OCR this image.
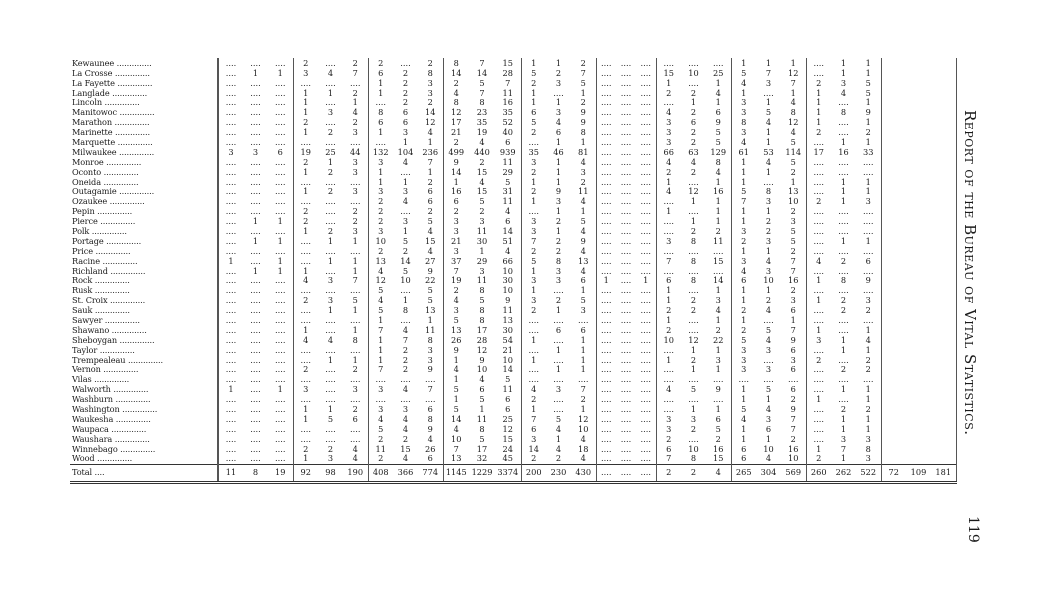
Kewaunee ..............	....	....	....	2	....	2	2	....	2	8	7	15	1	1	2	....	....	....	....	....	....	1	1	1	....	1	1			
La Crosse ..............	....	1	1	3	4	7	6	2	8	14	14	28	5	2	7	....	....	....	15	10	25	5	7	12	....	1	1			
La Fayette ..............	....	....	....	....	....	....	1	2	3	2	5	7	2	3	5	....	....	....	1	....	1	4	3	7	2	3	5			
Langlade ..............	....	....	....	1	1	2	1	2	3	4	7	11	1	....	1	....	....	....	2	2	4	1	....	1	1	4	5			
Lincoln ..............	....	....	....	1	....	1	....	2	2	8	8	16	1	1	2	....	....	....	....	1	1	3	1	4	1	....	1			
Manitowoc ..............	....	....	....	1	3	4	8	6	14	12	23	35	6	3	9	....	....	....	4	2	6	3	5	8	1	8	9			
Marathon ..............	....	....	....	2	....	2	6	6	12	17	35	52	5	4	9	....	....	....	3	6	9	8	4	12	1	....	1			
Marinette ..............	....	....	....	1	2	3	1	3	4	21	19	40	2	6	8	....	....	....	3	2	5	3	1	4	2	....	2			
Marquette ..............	....	....	....	....	....	....	....	1	1	2	4	6	....	1	1	....	....	....	3	2	5	4	1	5	....	1	1			
Milwaukee ..............	3	3	6	19	25	44	132	104	236	499	440	939	35	46	81	....	....	....	66	63	129	61	53	114	17	16	33			
Monroe ..............	....	....	....	2	1	3	3	4	7	9	2	11	3	1	4	....	....	....	4	4	8	1	4	5	....	....	....			
Oconto ..............	....	....	....	1	2	3	1	....	1	14	15	29	2	1	3	....	....	....	2	2	4	1	1	2	....	....	....			
Oneida ..............	....	....	....	....	....	....	1	1	2	1	4	5	1	1	2	....	....	....	1	....	1	1	....	1	....	1	1			
Outagamie ..............	....	....	....	1	2	3	3	3	6	16	15	31	2	9	11	....	....	....	4	12	16	5	8	13	....	1	1			
Ozaukee ..............	....	....	....	....	....	....	2	4	6	6	5	11	1	3	4	....	....	....	....	1	1	7	3	10	2	1	3			
Pepin ..............	....	....	....	2	....	2	2	....	2	2	2	4	....	1	1	....	....	....	1	....	1	1	1	2	....	....	....			
Pierce ..............	....	1	1	2	....	2	2	3	5	3	3	6	3	2	5	....	....	....	....	1	1	1	2	3	....	....	....			
Polk ..............	....	....	....	1	2	3	3	1	4	3	11	14	3	1	4	....	....	....	....	2	2	3	2	5	....	....	....			
Portage ..............	....	1	1	....	1	1	10	5	15	21	30	51	7	2	9	....	....	....	3	8	11	2	3	5	....	1	1			
Price ..............	....	....	....	....	....	....	2	2	4	3	1	4	2	2	4	....	....	....	....	....	....	1	1	2	....	....	....			
Racine ..............	1	....	1	....	1	1	13	14	27	37	29	66	5	8	13	....	....	....	7	8	15	3	4	7	4	2	6			
Richland ..............	....	1	1	1	....	1	4	5	9	7	3	10	1	3	4	....	....	....	....	....	....	4	3	7	....	....	....			
Rock ..............	....	....	....	4	3	7	12	10	22	19	11	30	3	3	6	1	....	1	6	8	14	6	10	16	1	8	9			
Rusk ..............	....	....	....	....	....	....	5	....	5	2	8	10	1	....	1	....	....	....	1	....	1	1	1	2	....	....	....			
St. Croix ..............	....	....	....	2	3	5	4	1	5	4	5	9	3	2	5	....	....	....	1	2	3	1	2	3	1	2	3			
Sauk ..............	....	....	....	....	1	1	5	8	13	3	8	11	2	1	3	....	....	....	2	2	4	2	4	6	....	2	2			
Sawyer ..............	....	....	....	....	....	....	1	....	1	5	8	13	....	....	....	....	....	....	1	....	1	1	....	1	....	....	....			
Shawano ..............	....	....	....	1	....	1	7	4	11	13	17	30	....	6	6	....	....	....	2	....	2	2	5	7	1	....	1			
Sheboygan ..............	....	....	....	4	4	8	1	7	8	26	28	54	1	....	1	....	....	....	10	12	22	5	4	9	3	1	4			
Taylor ..............	....	....	....	....	....	....	1	2	3	9	12	21	....	1	1	....	....	....	....	1	1	3	3	6	....	1	1			
Trempealeau ..............	....	....	....	....	1	1	1	2	3	1	9	10	1	....	1	....	....	....	1	2	3	3	....	3	2	....	2			
Vernon ..............	....	....	....	2	....	2	7	2	9	4	10	14	....	1	1	....	....	....	....	1	1	3	3	6	....	2	2			
Vilas ..............	....	....	....	....	....	....	....	....	....	1	4	5	....	....	....	....	....	....	....	....	....	....	....	....	....	....	....			
Walworth ..............	1	....	1	3	....	3	3	4	7	5	6	11	4	3	7	....	....	....	4	5	9	1	5	6	....	1	1			
Washburn ..............	....	....	....	....	....	....	....	....	....	1	5	6	2	....	2	....	....	....	....	....	....	1	1	2	1	....	1			
Washington ..............	....	....	....	1	1	2	3	3	6	5	1	6	1	....	1	....	....	....	....	1	1	5	4	9	....	2	2			
Waukesha ..............	....	....	....	1	5	6	4	4	8	14	11	25	7	5	12	....	....	....	3	3	6	4	3	7	....	1	1			
Waupaca ..............	....	....	....	....	....	....	5	4	9	4	8	12	6	4	10	....	....	....	3	2	5	1	6	7	....	1	1			
Waushara ..............	....	....	....	....	....	....	2	2	4	10	5	15	3	1	4	....	....	....	2	....	2	1	1	2	....	3	3			
Winnebago ..............	....	....	....	2	2	4	11	15	26	7	17	24	14	4	18	....	....	....	6	10	16	6	10	16	1	7	8			
Wood ..............	....	....	....	1	3	4	2	4	6	13	32	45	2	2	4	....	....	....	7	8	15	6	4	10	2	1	3			
Total ....	11	8	19	92	98	190	408	366	774	1145	1229	3374	200	230	430	....	....	....	2	2	4	265	304	569	260	262	522	72	109	181
Report of the Bureau of Vital Statistics.
119
